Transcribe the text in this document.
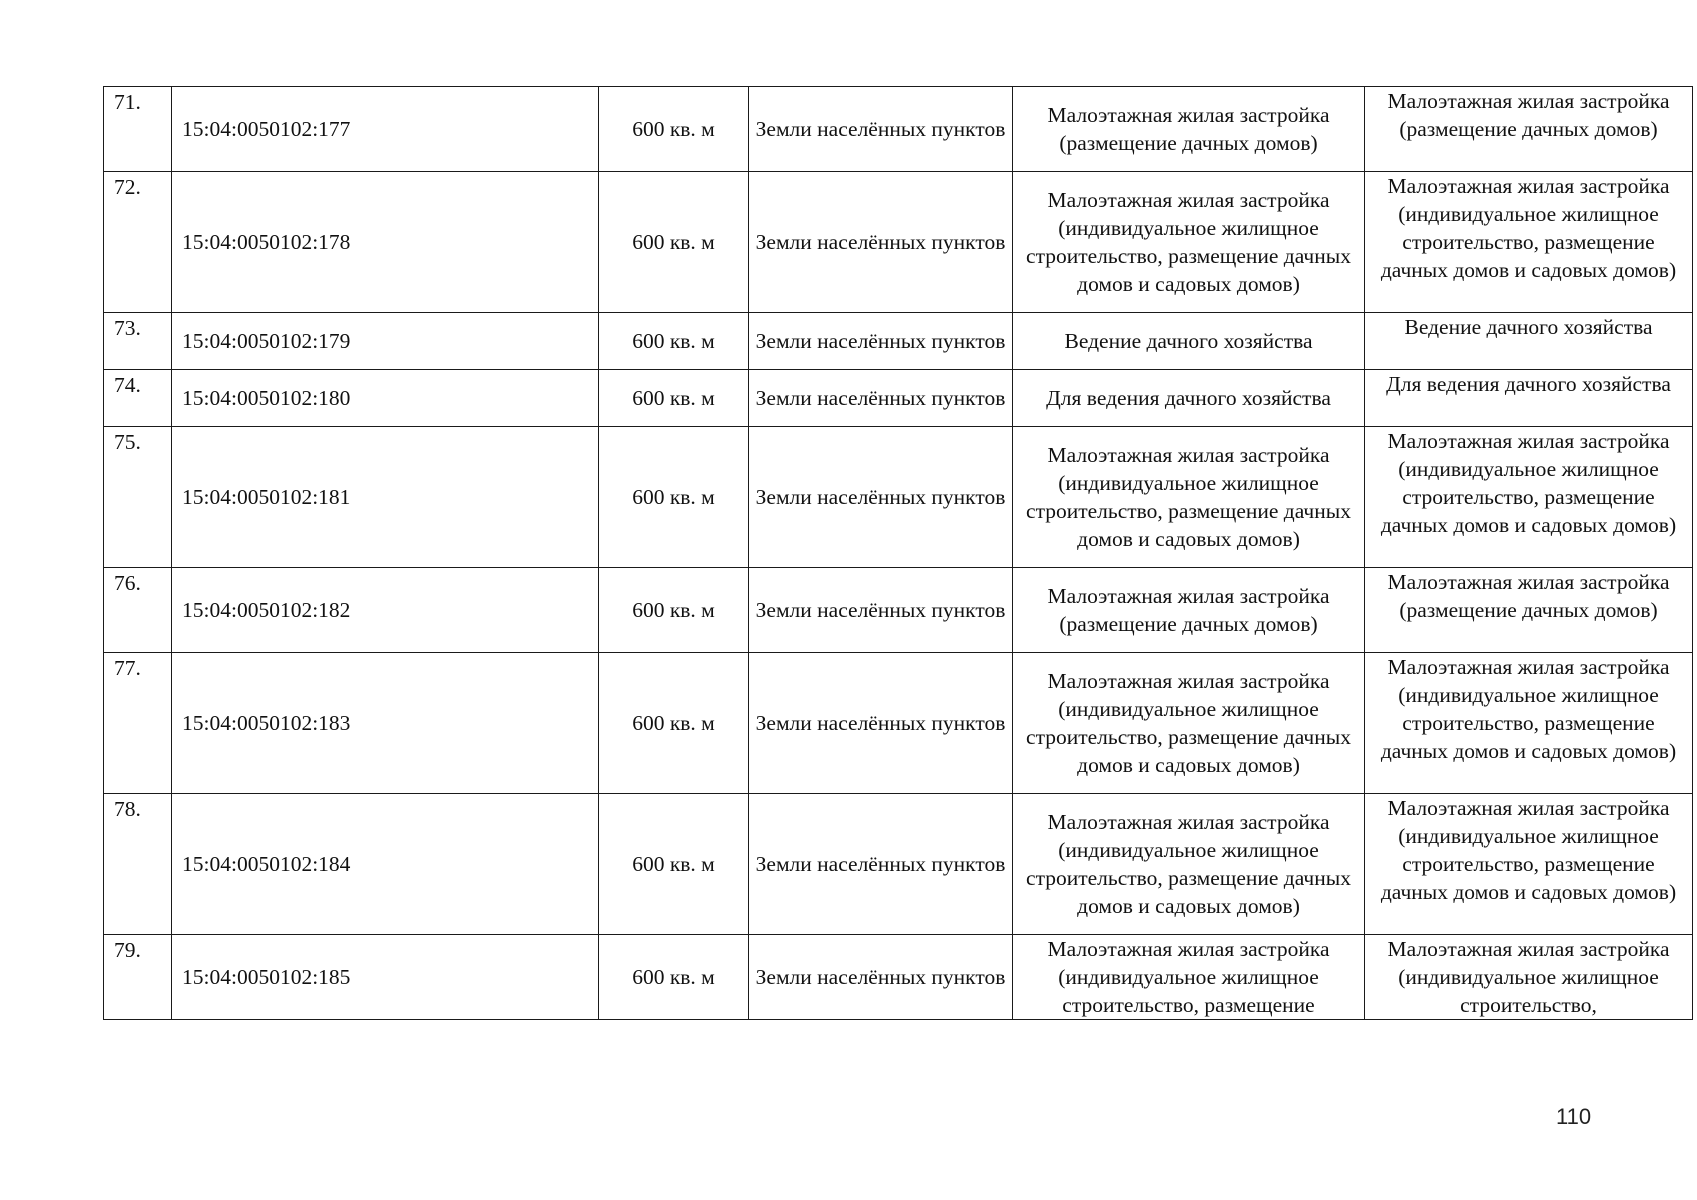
71.	15:04:0050102:177	600 кв. м	Земли населённых пунктов	Малоэтажная жилая застройка (размещение дачных домов)	Малоэтажная жилая застройка (размещение дачных домов)

72.	15:04:0050102:178	600 кв. м	Земли населённых пунктов	Малоэтажная жилая застройка (индивидуальное жилищное строительство, размещение дачных домов и садовых домов)	Малоэтажная жилая застройка (индивидуальное жилищное строительство, размещение дачных домов и садовых домов)

73.	15:04:0050102:179	600 кв. м	Земли населённых пунктов	Ведение дачного хозяйства	Ведение дачного хозяйства
74.	15:04:0050102:180	600 кв. м	Земли населённых пунктов	Для ведения дачного хозяйства	Для ведения дачного хозяйства

75.	15:04:0050102:181	600 кв. м	Земли населённых пунктов	Малоэтажная жилая застройка (индивидуальное жилищное строительство, размещение дачных домов и садовых домов)	Малоэтажная жилая застройка (индивидуальное жилищное строительство, размещение дачных домов и садовых домов)

76.	15:04:0050102:182	600 кв. м	Земли населённых пунктов	Малоэтажная жилая застройка (размещение дачных домов)	Малоэтажная жилая застройка (размещение дачных домов)

77.	15:04:0050102:183	600 кв. м	Земли населённых пунктов	Малоэтажная жилая застройка (индивидуальное жилищное строительство, размещение дачных домов и садовых домов)	Малоэтажная жилая застройка (индивидуальное жилищное строительство, размещение дачных домов и садовых домов)

78.	15:04:0050102:184	600 кв. м	Земли населённых пунктов	Малоэтажная жилая застройка (индивидуальное жилищное строительство, размещение дачных домов и садовых домов)	Малоэтажная жилая застройка (индивидуальное жилищное строительство, размещение дачных домов и садовых домов)

79.	15:04:0050102:185	600 кв. м	Земли населённых пунктов	Малоэтажная жилая застройка (индивидуальное жилищное строительство, размещение	Малоэтажная жилая застройка (индивидуальное жилищное строительство,
110
